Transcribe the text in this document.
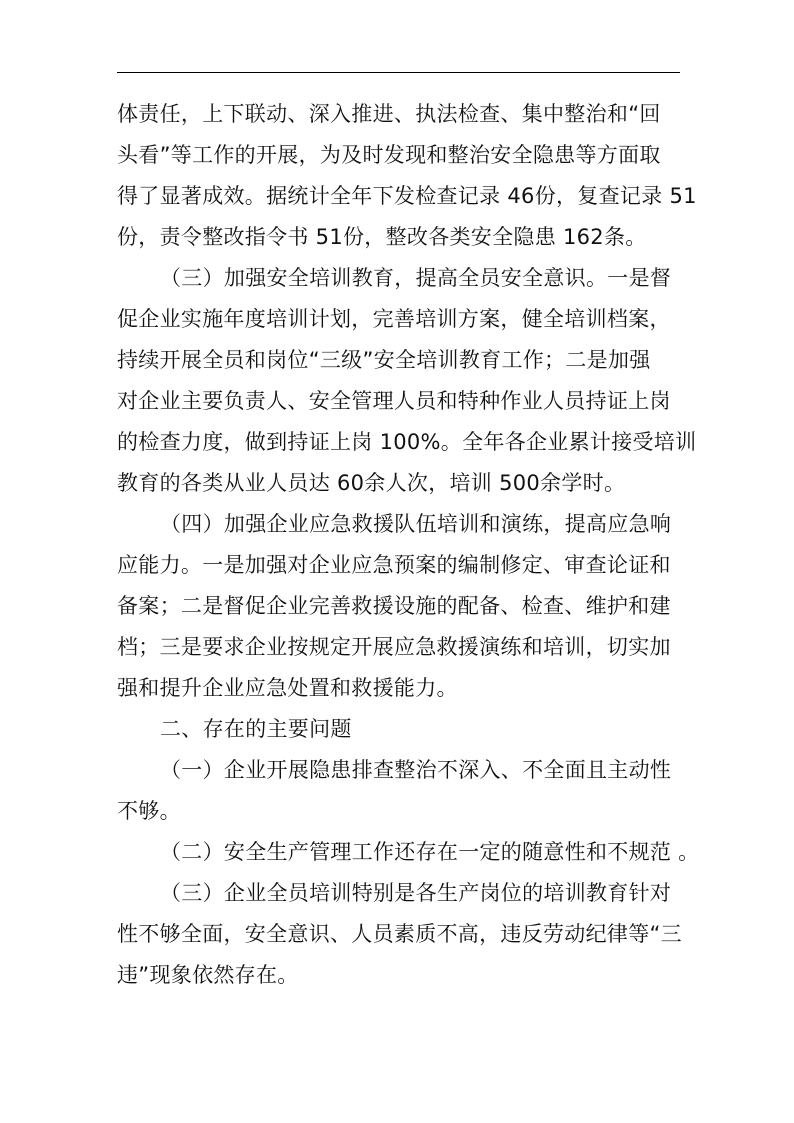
体责任，上下联动、深入推进、执法检查、集中整治和“回
头看”等工作的开展，为及时发现和整治安全隐患等方面取
得了显著成效。据统计全年下发检查记录 46份，复查记录 51
份，责令整改指令书 51份，整改各类安全隐患 162条。
（三）加强安全培训教育，提高全员安全意识。一是督
促企业实施年度培训计划，完善培训方案，健全培训档案，
持续开展全员和岗位“三级”安全培训教育工作；二是加强
对企业主要负责人、安全管理人员和特种作业人员持证上岗
的检查力度，做到持证上岗 100%。全年各企业累计接受培训
教育的各类从业人员达 60余人次，培训 500余学时。
（四）加强企业应急救援队伍培训和演练，提高应急响
应能力。一是加强对企业应急预案的编制修定、审查论证和
备案；二是督促企业完善救援设施的配备、检查、维护和建
档；三是要求企业按规定开展应急救援演练和培训，切实加
强和提升企业应急处置和救援能力。
二、存在的主要问题
（一）企业开展隐患排查整治不深入、不全面且主动性
不够。
（二）安全生产管理工作还存在一定的随意性和不规范 。
（三）企业全员培训特别是各生产岗位的培训教育针对
性不够全面，安全意识、人员素质不高，违反劳动纪律等“三
违”现象依然存在。
